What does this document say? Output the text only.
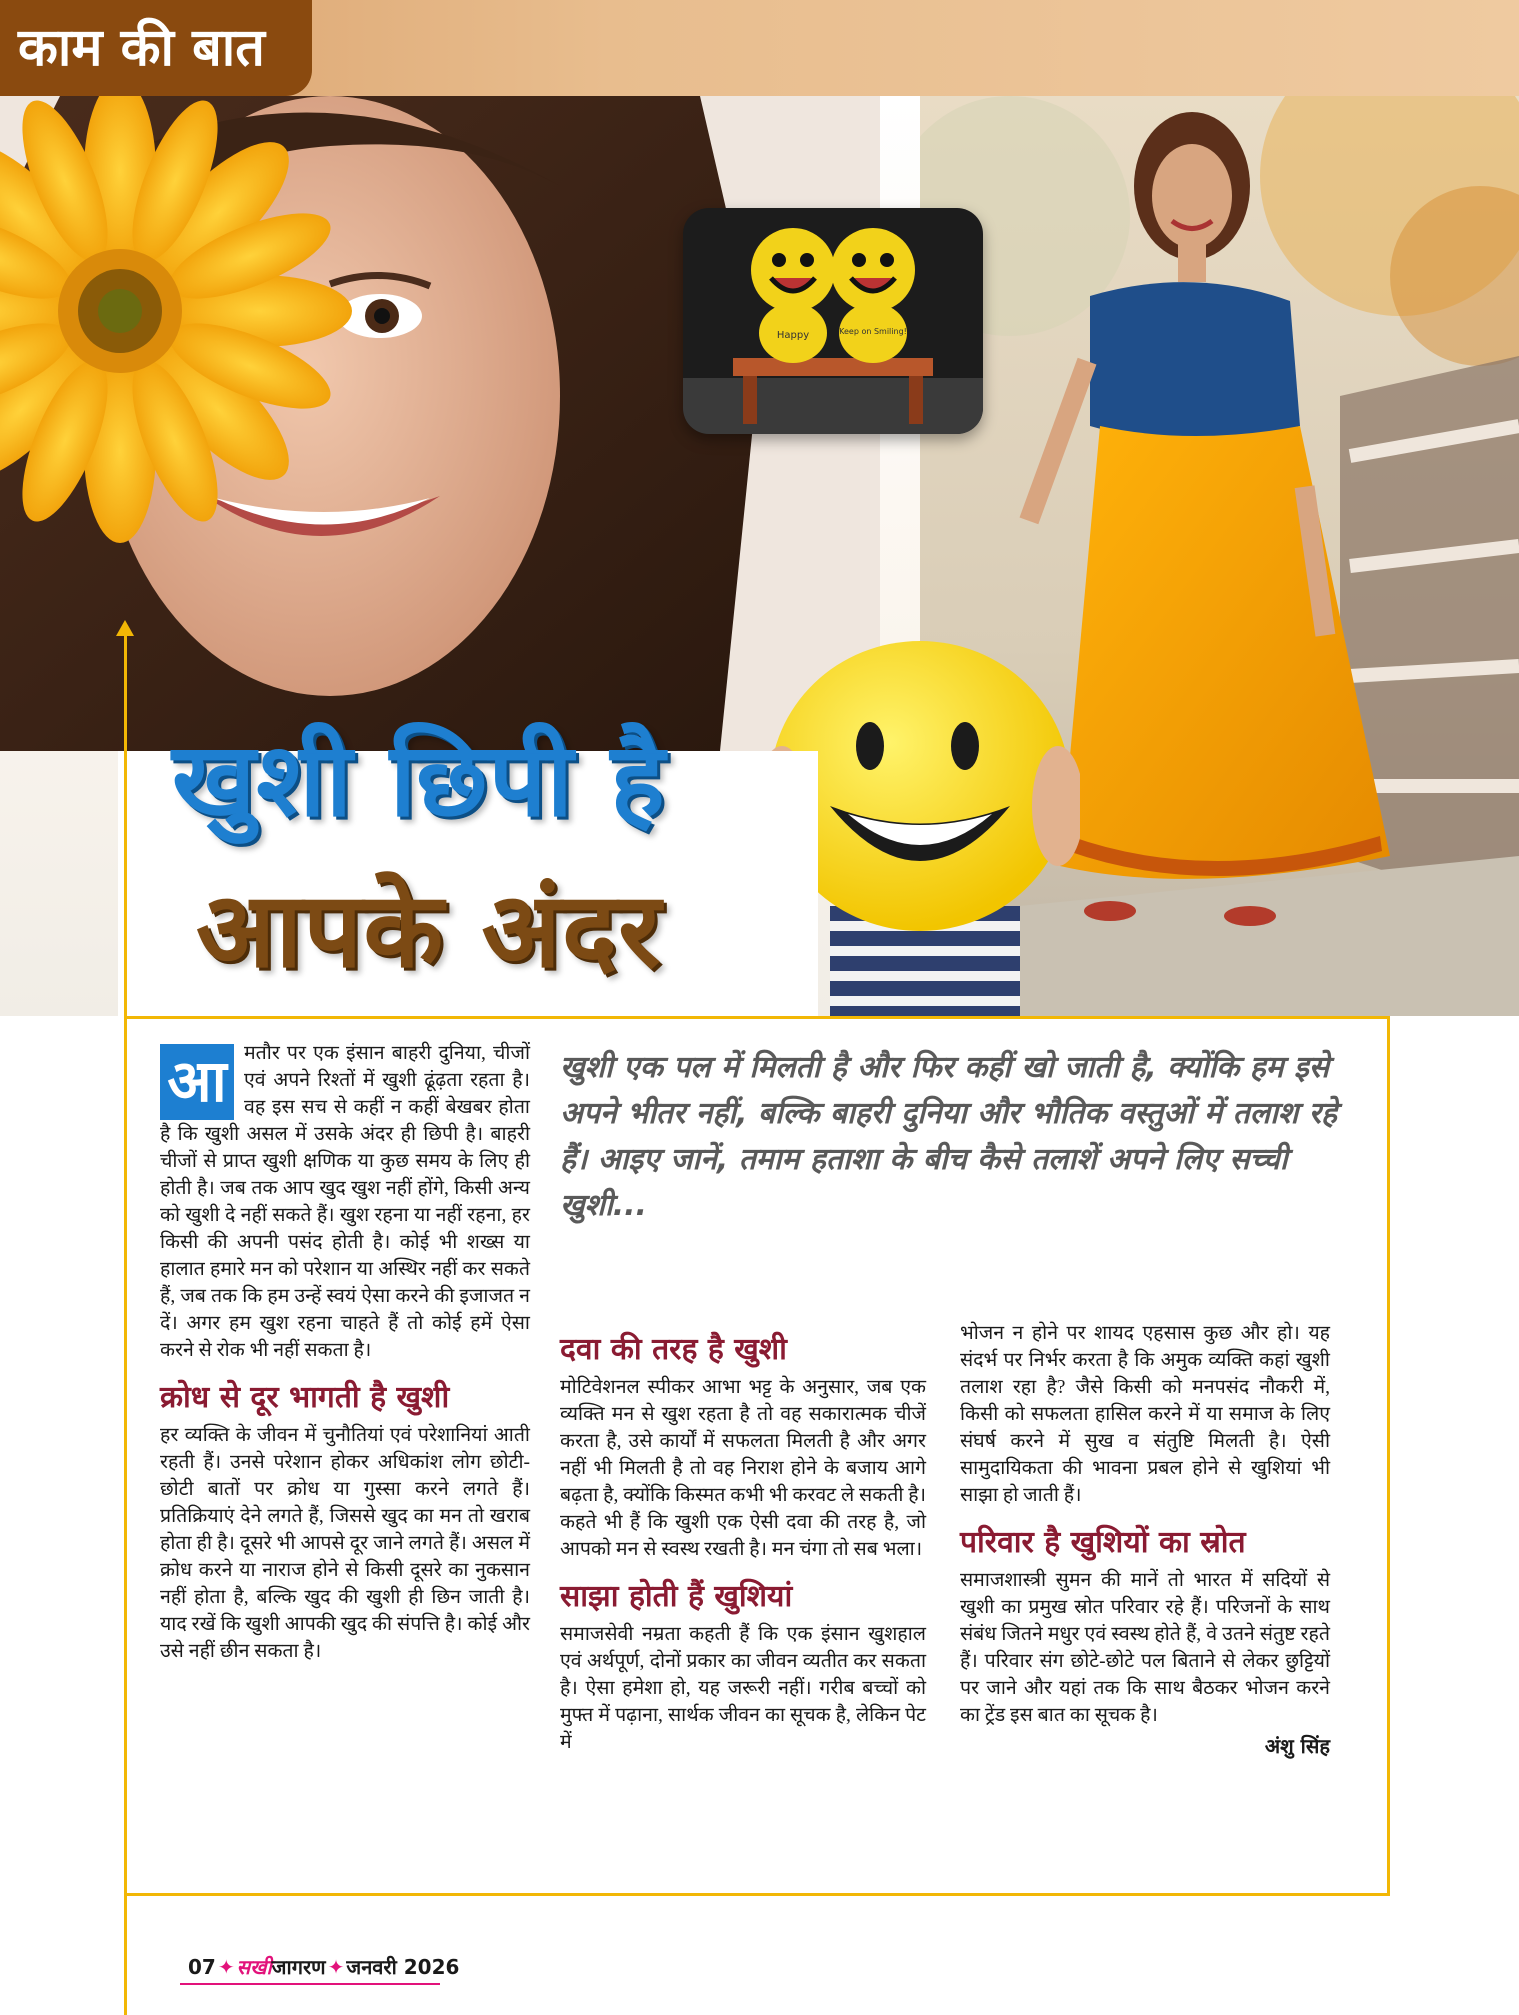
काम की बात
Happy	Keep on Smiling!
खुशी छिपी है
आपके अंदर
खुशी एक पल में मिलती है और फिर कहीं खो जाती है, क्योंकि हम इसे अपने भीतर नहीं, बल्कि बाहरी दुनिया और भौतिक वस्तुओं में तलाश रहे हैं। आइए जानें, तमाम हताशा के बीच कैसे तलाशें अपने लिए सच्ची खुशी...

आ मतौर पर एक इंसान बाहरी दुनिया, चीजों एवं अपने रिश्तों में खुशी ढूंढ़ता रहता है। वह इस सच से कहीं न कहीं बेखबर होता है कि खुशी असल में उसके अंदर ही छिपी है। बाहरी चीजों से प्राप्त खुशी क्षणिक या कुछ समय के लिए ही होती है। जब तक आप खुद खुश नहीं होंगे, किसी अन्य को खुशी दे नहीं सकते हैं। खुश रहना या नहीं रहना, हर किसी की अपनी पसंद होती है। कोई भी शख्स या हालात हमारे मन को परेशान या अस्थिर नहीं कर सकते हैं, जब तक कि हम उन्हें स्वयं ऐसा करने की इजाजत न दें। अगर हम खुश रहना चाहते हैं तो कोई हमें ऐसा करने से रोक भी नहीं सकता है।

क्रोध से दूर भागती है खुशी

हर व्यक्ति के जीवन में चुनौतियां एवं परेशानियां आती रहती हैं। उनसे परेशान होकर अधिकांश लोग छोटी-छोटी बातों पर क्रोध या गुस्सा करने लगते हैं। प्रतिक्रियाएं देने लगते हैं, जिससे खुद का मन तो खराब होता ही है। दूसरे भी आपसे दूर जाने लगते हैं। असल में क्रोध करने या नाराज होने से किसी दूसरे का नुकसान नहीं होता है, बल्कि खुद की खुशी ही छिन जाती है। याद रखें कि खुशी आपकी खुद की संपत्ति है। कोई और उसे नहीं छीन सकता है।

दवा की तरह है खुशी

मोटिवेशनल स्पीकर आभा भट्ट के अनुसार, जब एक व्यक्ति मन से खुश रहता है तो वह सकारात्मक चीजें करता है, उसे कार्यों में सफलता मिलती है और अगर नहीं भी मिलती है तो वह निराश होने के बजाय आगे बढ़ता है, क्योंकि किस्मत कभी भी करवट ले सकती है। कहते भी हैं कि खुशी एक ऐसी दवा की तरह है, जो आपको मन से स्वस्थ रखती है। मन चंगा तो सब भला।

साझा होती हैं खुशियां

समाजसेवी नम्रता कहती हैं कि एक इंसान खुशहाल एवं अर्थपूर्ण, दोनों प्रकार का जीवन व्यतीत कर सकता है। ऐसा हमेशा हो, यह जरूरी नहीं। गरीब बच्चों को मुफ्त में पढ़ाना, सार्थक जीवन का सूचक है, लेकिन पेट में

भोजन न होने पर शायद एहसास कुछ और हो। यह संदर्भ पर निर्भर करता है कि अमुक व्यक्ति कहां खुशी तलाश रहा है? जैसे किसी को मनपसंद नौकरी में, किसी को सफलता हासिल करने में या समाज के लिए संघर्ष करने में सुख व संतुष्टि मिलती है। ऐसी सामुदायिकता की भावना प्रबल होने से खुशियां भी साझा हो जाती हैं।

परिवार है खुशियों का स्रोत

समाजशास्त्री सुमन की मानें तो भारत में सदियों से खुशी का प्रमुख स्रोत परिवार रहे हैं। परिजनों के साथ संबंध जितने मधुर एवं स्वस्थ होते हैं, वे उतने संतुष्ट रहते हैं। परिवार संग छोटे-छोटे पल बिताने से लेकर छुट्टियों पर जाने और यहां तक कि साथ बैठकर भोजन करने का ट्रेंड इस बात का सूचक है।

अंशु सिंह
07 ✦ सखीजागरण ✦ जनवरी 2026
